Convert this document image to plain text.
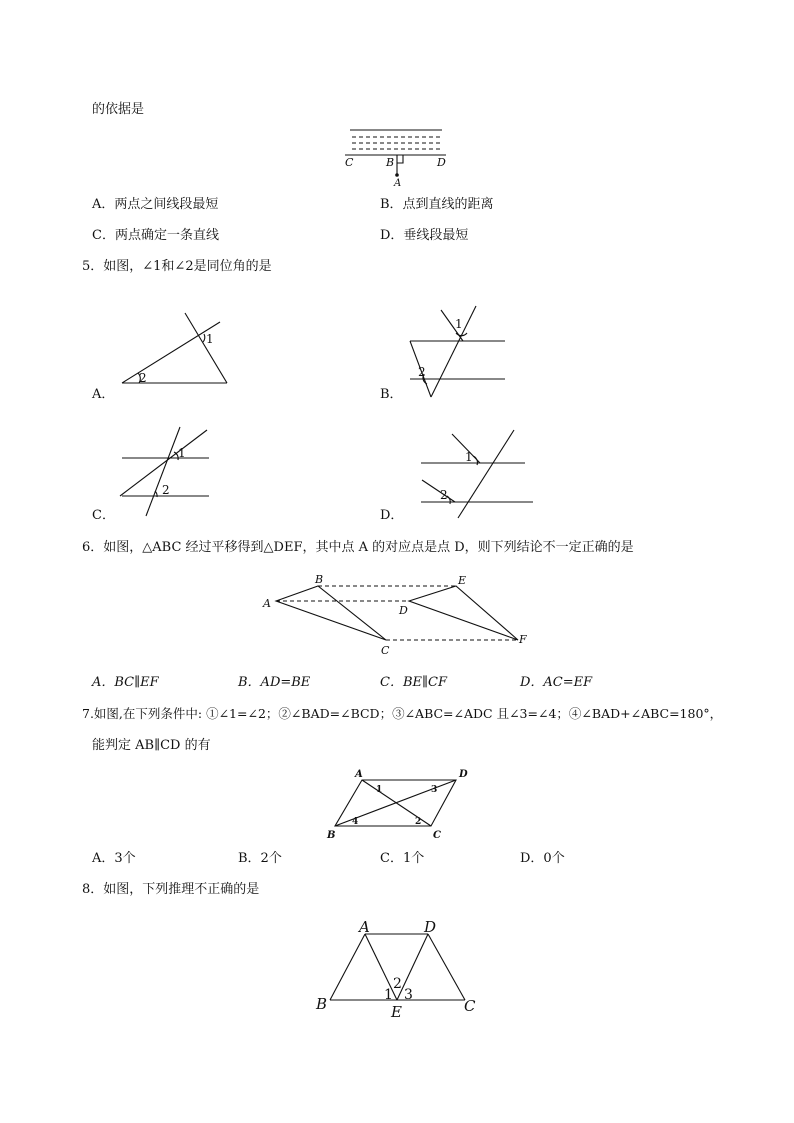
的依据是
C	B	D
A
A．两点之间线段最短	B．点到直线的距离
C．两点确定一条直线	D．垂线段最短
5．如图，∠1和∠2是同位角的是
1
2
1
2
1
2
1
2
A．	B．
C．	D．
6．如图，△ABC 经过平移得到△DEF，其中点 A 的对应点是点 D，则下列结论不一定正确的是
A
B
C
D
E
F
A．BC∥EF	B．AD=BE	C．BE∥CF	D．AC=EF
7.如图,在下列条件中: ①∠1=∠2；②∠BAD=∠BCD；③∠ABC=∠ADC 且∠3=∠4；④∠BAD+∠ABC=180°，
能判定 AB∥CD 的有
A	D
B	C
1	3
4	2
A．3个	B．2个	C．1个	D．0个
8．如图，下列推理不正确的是
A	D
B	C
E
1
2
3
